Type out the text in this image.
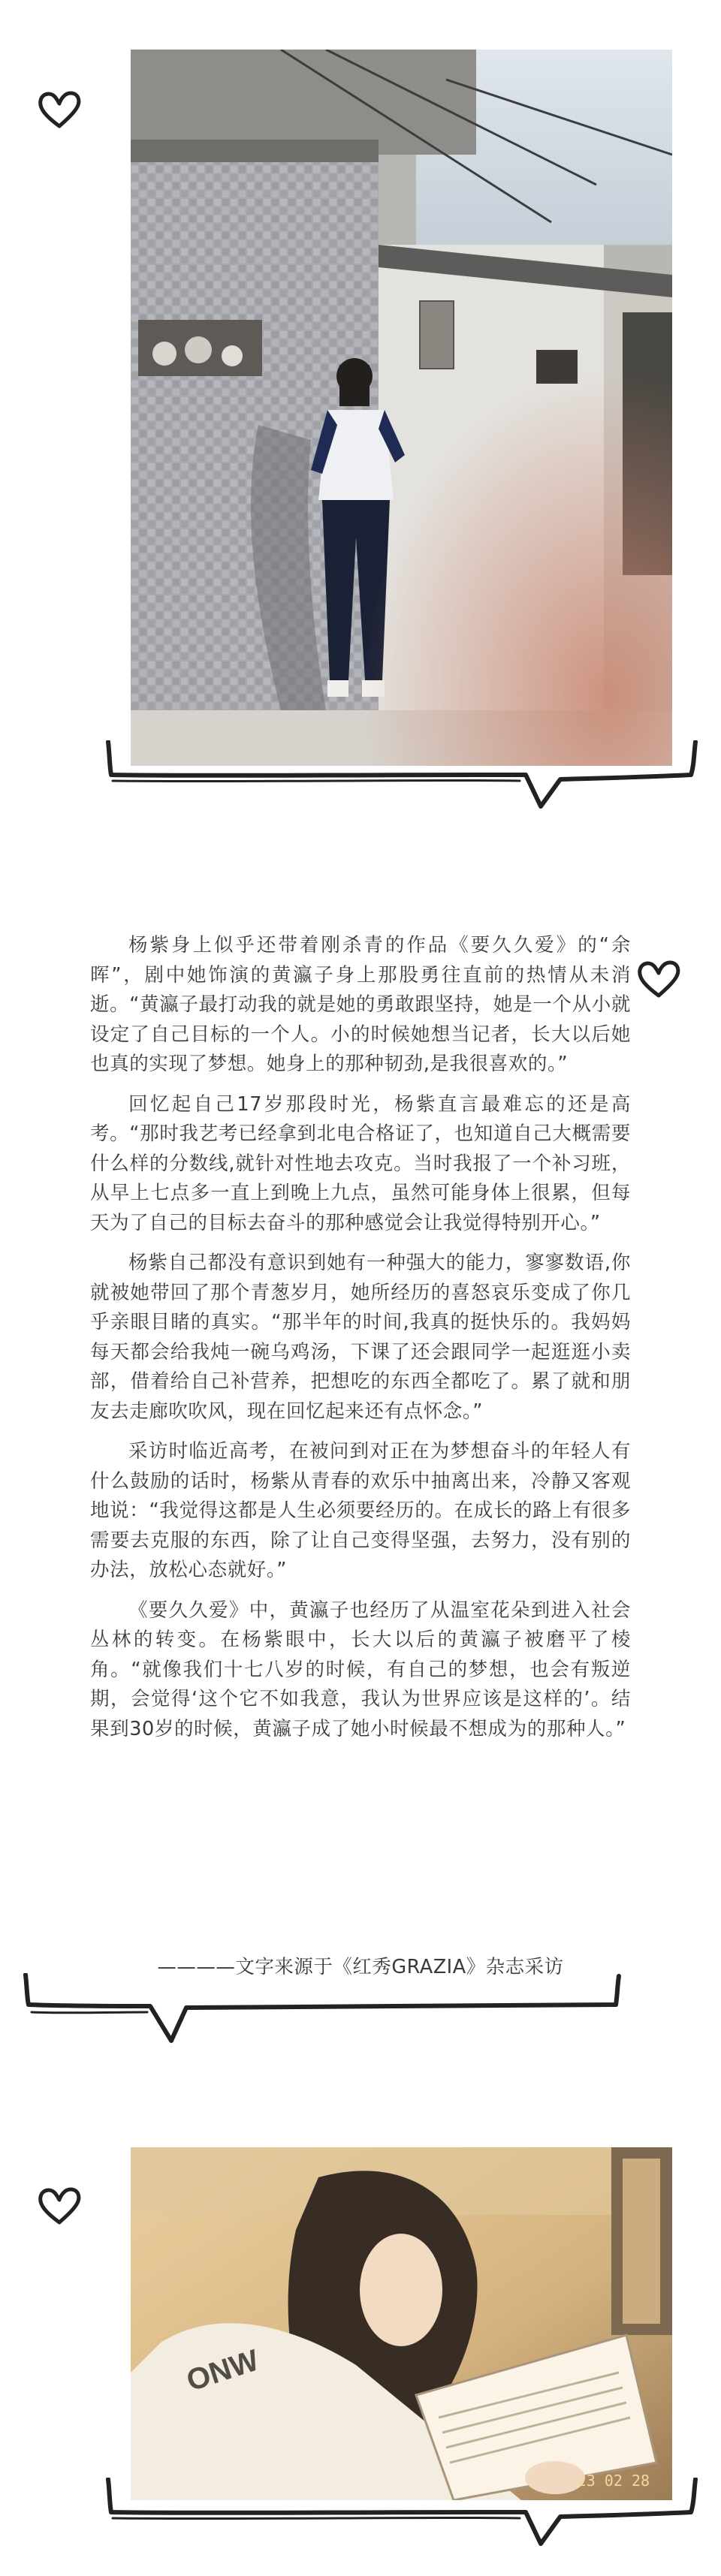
杨紫身上似乎还带着刚杀青的作品《要久久爱》的“余晖”，剧中她饰演的黄瀛子身上那股勇往直前的热情从未消逝。“黄瀛子最打动我的就是她的勇敢跟坚持，她是一个从小就设定了自己目标的一个人。小的时候她想当记者，长大以后她也真的实现了梦想。她身上的那种韧劲,是我很喜欢的。”

回忆起自己17岁那段时光，杨紫直言最难忘的还是高考。“那时我艺考已经拿到北电合格证了，也知道自己大概需要什么样的分数线,就针对性地去攻克。当时我报了一个补习班，从早上七点多一直上到晚上九点，虽然可能身体上很累，但每天为了自己的目标去奋斗的那种感觉会让我觉得特别开心。”

杨紫自己都没有意识到她有一种强大的能力，寥寥数语,你就被她带回了那个青葱岁月，她所经历的喜怒哀乐变成了你几乎亲眼目睹的真实。“那半年的时间,我真的挺快乐的。我妈妈每天都会给我炖一碗乌鸡汤，下课了还会跟同学一起逛逛小卖部，借着给自己补营养，把想吃的东西全都吃了。累了就和朋友去走廊吹吹风，现在回忆起来还有点怀念。”

采访时临近高考，在被问到对正在为梦想奋斗的年轻人有什么鼓励的话时，杨紫从青春的欢乐中抽离出来，冷静又客观地说：“我觉得这都是人生必须要经历的。在成长的路上有很多需要去克服的东西，除了让自己变得坚强，去努力，没有别的办法，放松心态就好。”

《要久久爱》中，黄瀛子也经历了从温室花朵到进入社会丛林的转变。在杨紫眼中，长大以后的黄瀛子被磨平了棱角。“就像我们十七八岁的时候，有自己的梦想，也会有叛逆期，会觉得‘这个它不如我意，我认为世界应该是这样的’。结果到30岁的时候，黄瀛子成了她小时候最不想成为的那种人。”

————文字来源于《红秀GRAZIA》杂志采访
ONW
'23 02 28
